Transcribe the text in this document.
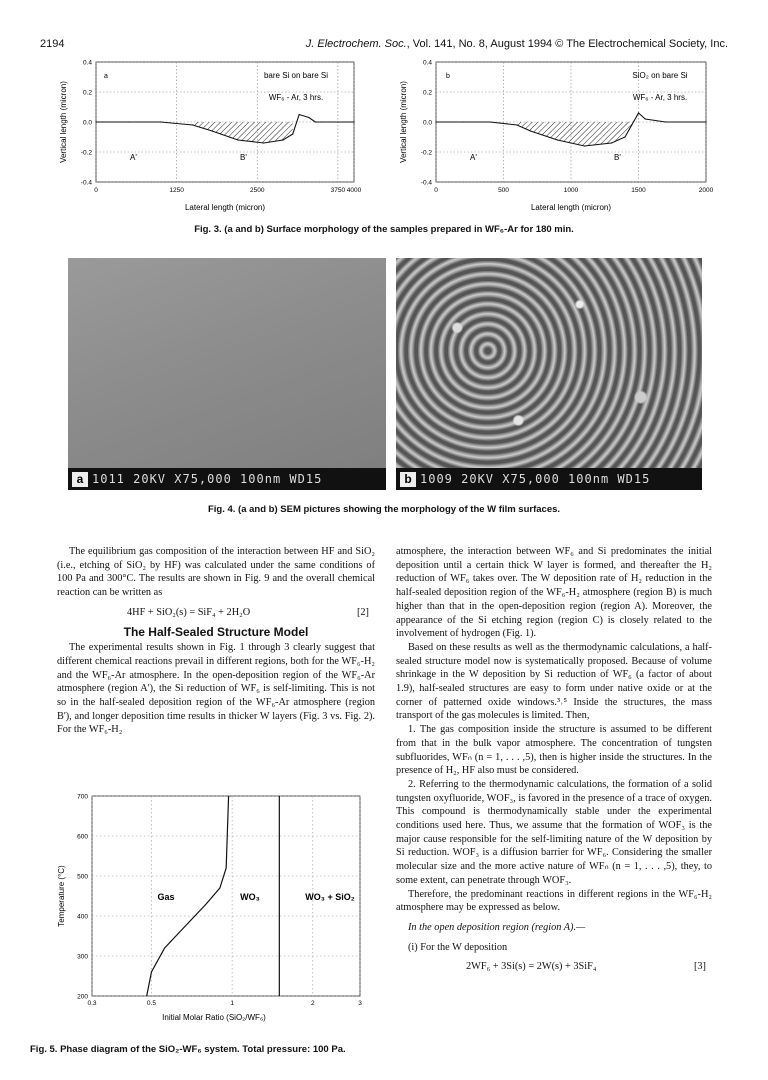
2194	J. Electrochem. Soc., Vol. 141, No. 8, August 1994 © The Electrochemical Society, Inc.
0.4
0.2
0.0
-0.2
-0.4
0	1250	2500	3750 4000
Vertical length (micron)
Lateral length (micron)
a	bare Si on bare Si
WF₆ - Ar, 3 hrs.
A'	B'
0.4
0.2
0.0
-0.2
-0.4
0	500	1000	1500	2000
Vertical length (micron)
Lateral length (micron)
b	SiO₂ on bare Si
WF₆ - Ar, 3 hrs.
A'	B'
Fig. 3. (a and b) Surface morphology of the samples prepared in WF₆-Ar for 180 min.
1011 20KV X75,000 100nm WD15
a	1009 20KV X75,000 100nm WD15
b
Fig. 4. (a and b) SEM pictures showing the morphology of the W film surfaces.

The equilibrium gas composition of the interaction between HF and SiO₂ (i.e., etching of SiO₂ by HF) was calculated under the same conditions of 100 Pa and 300°C. The results are shown in Fig. 9 and the overall chemical reaction can be written as

4HF + SiO₂(s) = SiF₄ + 2H₂O	[2]
The Half-Sealed Structure Model

The experimental results shown in Fig. 1 through 3 clearly suggest that different chemical reactions prevail in different regions, both for the WF₆-H₂ and the WF₆-Ar atmosphere. In the open-deposition region of the WF₆-Ar atmosphere (region A'), the Si reduction of WF₆ is self-limiting. This is not so in the half-sealed deposition region of the WF₆-Ar atmosphere (region B'), and longer deposition time results in thicker W layers (Fig. 3 vs. Fig. 2). For the WF₆-H₂

700
600
500
400
300
200
0.3	0.5	1	2	3
Temperature (°C)
Initial Molar Ratio (SiO₂/WF₆)
Gas	WO₃	WO₃ + SiO₂
Fig. 5. Phase diagram of the SiO₂-WF₆ system. Total pressure: 100 Pa.

atmosphere, the interaction between WF₆ and Si predominates the initial deposition until a certain thick W layer is formed, and thereafter the H₂ reduction of WF₆ takes over. The W deposition rate of H₂ reduction in the half-sealed deposition region of the WF₆-H₂ atmosphere (region B) is much higher than that in the open-deposition region (region A). Moreover, the appearance of the Si etching region (region C) is closely related to the involvement of hydrogen (Fig. 1).

Based on these results as well as the thermodynamic calculations, a half-sealed structure model now is systematically proposed. Because of volume shrinkage in the W deposition by Si reduction of WF₆ (a factor of about 1.9), half-sealed structures are easy to form under native oxide or at the corner of patterned oxide windows.³˒⁵ Inside the structures, the mass transport of the gas molecules is limited. Then,

1. The gas composition inside the structure is assumed to be different from that in the bulk vapor atmosphere. The concentration of tungsten subfluorides, WFₙ (n = 1, . . . ,5), then is higher inside the structures. In the presence of H₂, HF also must be considered.

2. Referring to the thermodynamic calculations, the formation of a solid tungsten oxyfluoride, WOF₃, is favored in the presence of a trace of oxygen. This compound is thermodynamically stable under the experimental conditions used here. Thus, we assume that the formation of WOF₃ is the major cause responsible for the self-limiting nature of the W deposition by Si reduction. WOF₃ is a diffusion barrier for WF₆. Considering the smaller molecular size and the more active nature of WFₙ (n = 1, . . . ,5), they, to some extent, can penetrate through WOF₃.

Therefore, the predominant reactions in different regions in the WF₆-H₂ atmosphere may be expressed as below.

In the open deposition region (region A).—

(i) For the W deposition

2WF₆ + 3Si(s) = 2W(s) + 3SiF₄	[3]
